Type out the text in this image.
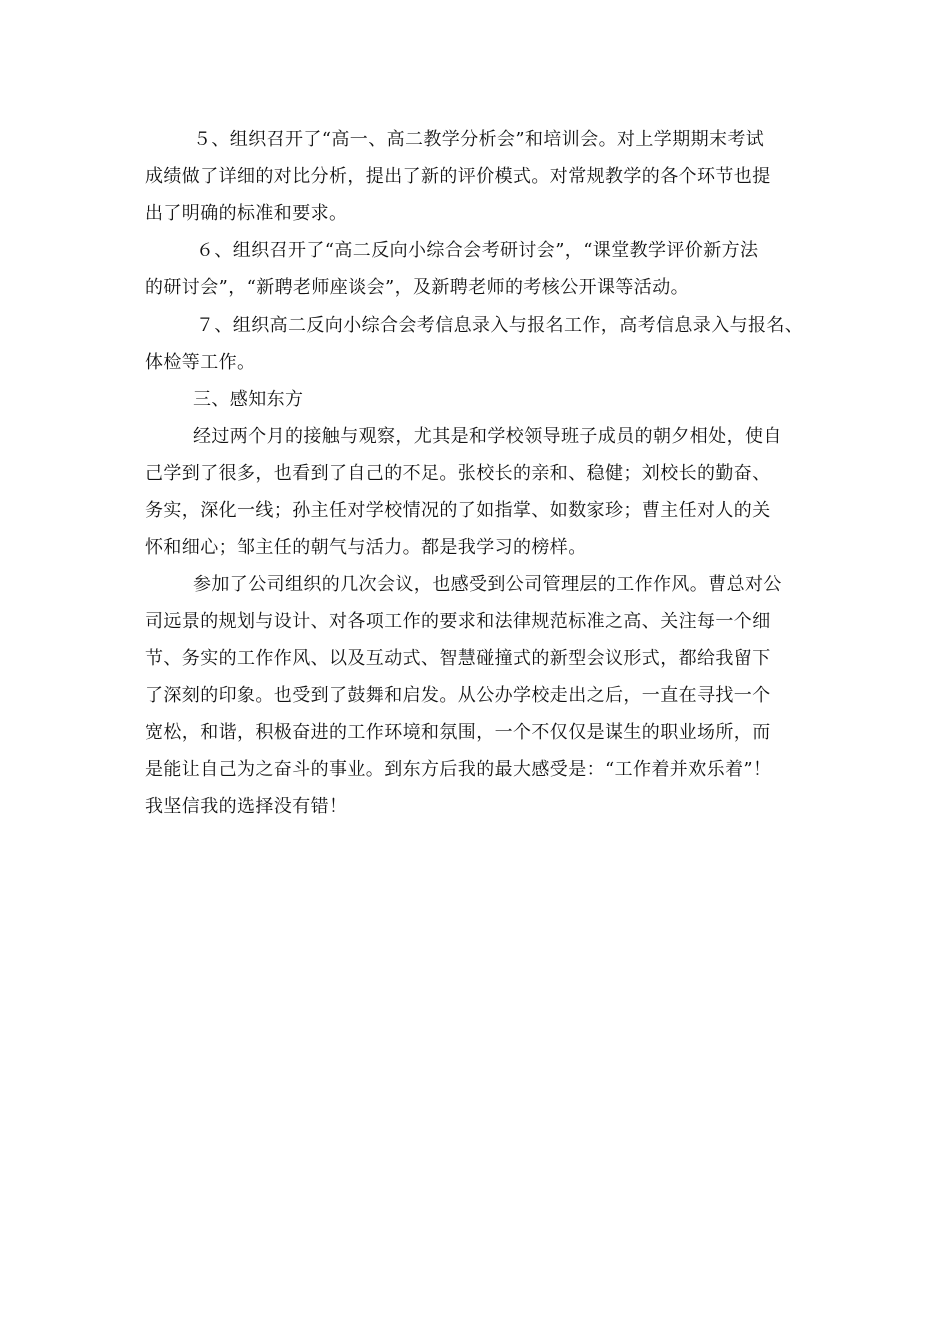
５、组织召开了“高一、高二教学分析会”和培训会。对上学期期末考试
成绩做了详细的对比分析，提出了新的评价模式。对常规教学的各个环节也提
出了明确的标准和要求。
６、组织召开了“高二反向小综合会考研讨会”，“课堂教学评价新方法
的研讨会”，“新聘老师座谈会”，及新聘老师的考核公开课等活动。
７、组织高二反向小综合会考信息录入与报名工作，高考信息录入与报名、
体检等工作。
三、感知东方
经过两个月的接触与观察，尤其是和学校领导班子成员的朝夕相处，使自
己学到了很多，也看到了自己的不足。张校长的亲和、稳健；刘校长的勤奋、
务实，深化一线；孙主任对学校情况的了如指掌、如数家珍；曹主任对人的关
怀和细心；邹主任的朝气与活力。都是我学习的榜样。
参加了公司组织的几次会议，也感受到公司管理层的工作作风。曹总对公
司远景的规划与设计、对各项工作的要求和法律规范标准之高、关注每一个细
节、务实的工作作风、以及互动式、智慧碰撞式的新型会议形式，都给我留下
了深刻的印象。也受到了鼓舞和启发。从公办学校走出之后，一直在寻找一个
宽松，和谐，积极奋进的工作环境和氛围，一个不仅仅是谋生的职业场所，而
是能让自己为之奋斗的事业。到东方后我的最大感受是：“工作着并欢乐着”！
我坚信我的选择没有错！
